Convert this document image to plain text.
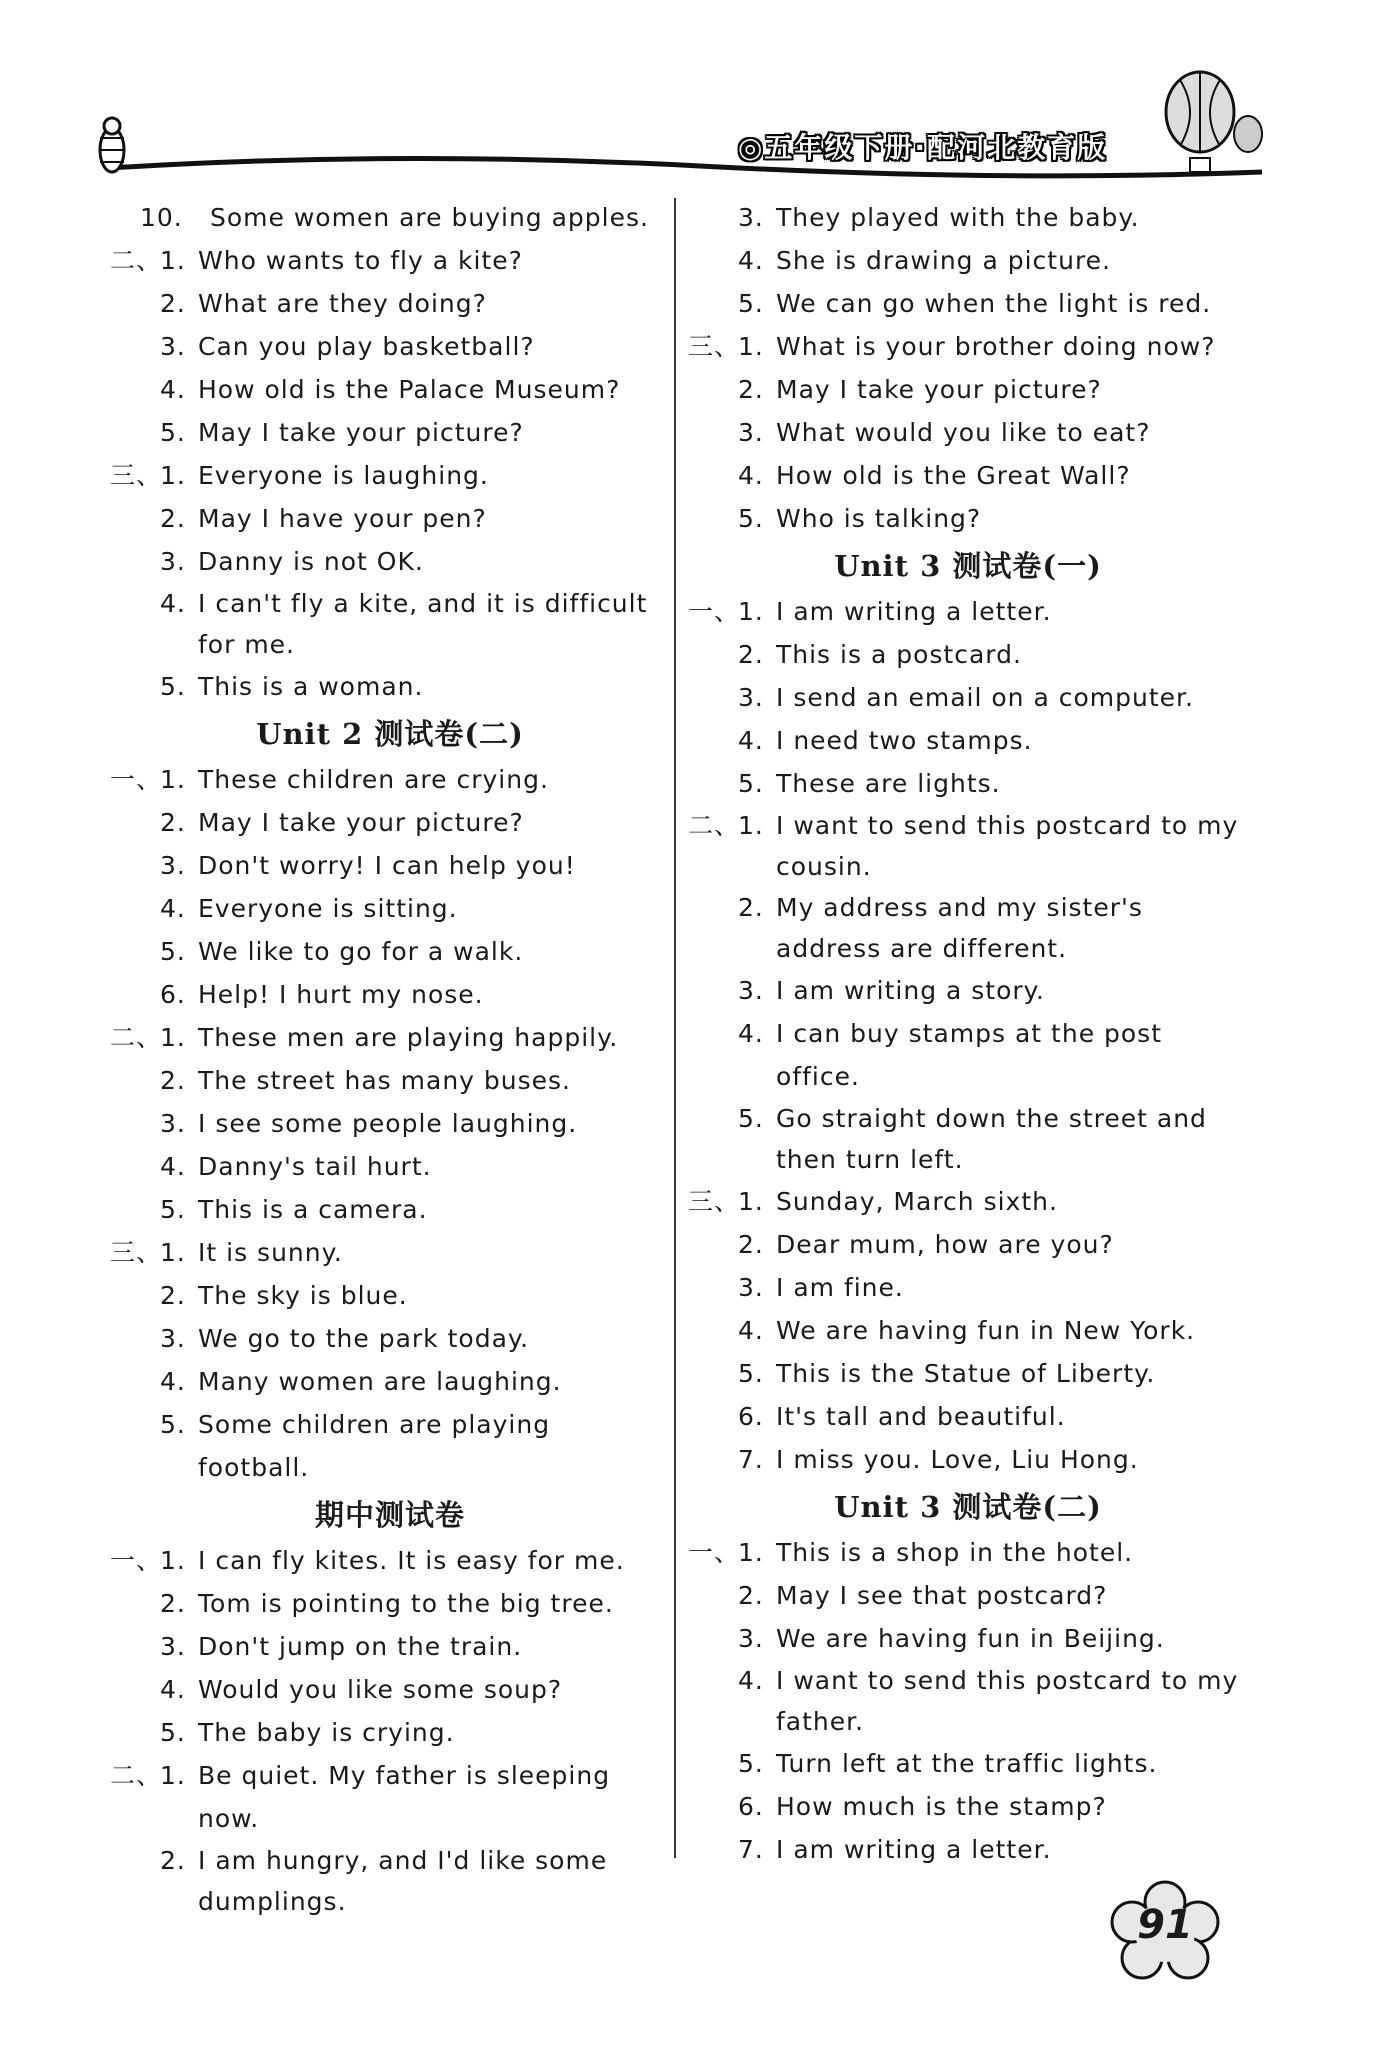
◎五年级下册·配河北教育版
10. Some women are buying apples.
二、
1. Who wants to fly a kite?
2. What are they doing?
3. Can you play basketball?
4. How old is the Palace Museum?
5. May I take your picture?
三、
1. Everyone is laughing.
2. May I have your pen?
3. Danny is not OK.
4. I can't fly a kite, and it is difficult for me.
5. This is a woman.
Unit 2 测试卷(二)
一、
1. These children are crying.
2. May I take your picture?
3. Don't worry! I can help you!
4. Everyone is sitting.
5. We like to go for a walk.
6. Help! I hurt my nose.
二、
1. These men are playing happily.
2. The street has many buses.
3. I see some people laughing.
4. Danny's tail hurt.
5. This is a camera.
三、
1. It is sunny.
2. The sky is blue.
3. We go to the park today.
4. Many women are laughing.
5. Some children are playing football.
期中测试卷
一、
1. I can fly kites. It is easy for me.
2. Tom is pointing to the big tree.
3. Don't jump on the train.
4. Would you like some soup?
5. The baby is crying.
二、
1. Be quiet. My father is sleeping now.
2. I am hungry, and I'd like some dumplings.
3. They played with the baby.
4. She is drawing a picture.
5. We can go when the light is red.
三、
1. What is your brother doing now?
2. May I take your picture?
3. What would you like to eat?
4. How old is the Great Wall?
5. Who is talking?
Unit 3 测试卷(一)
一、
1. I am writing a letter.
2. This is a postcard.
3. I send an email on a computer.
4. I need two stamps.
5. These are lights.
二、
1. I want to send this postcard to my cousin.
2. My address and my sister's address are different.
3. I am writing a story.
4. I can buy stamps at the post office.
5. Go straight down the street and then turn left.
三、
1. Sunday, March sixth.
2. Dear mum, how are you?
3. I am fine.
4. We are having fun in New York.
5. This is the Statue of Liberty.
6. It's tall and beautiful.
7. I miss you. Love, Liu Hong.
Unit 3 测试卷(二)
一、
1. This is a shop in the hotel.
2. May I see that postcard?
3. We are having fun in Beijing.
4. I want to send this postcard to my father.
5. Turn left at the traffic lights.
6. How much is the stamp?
7. I am writing a letter.
91
